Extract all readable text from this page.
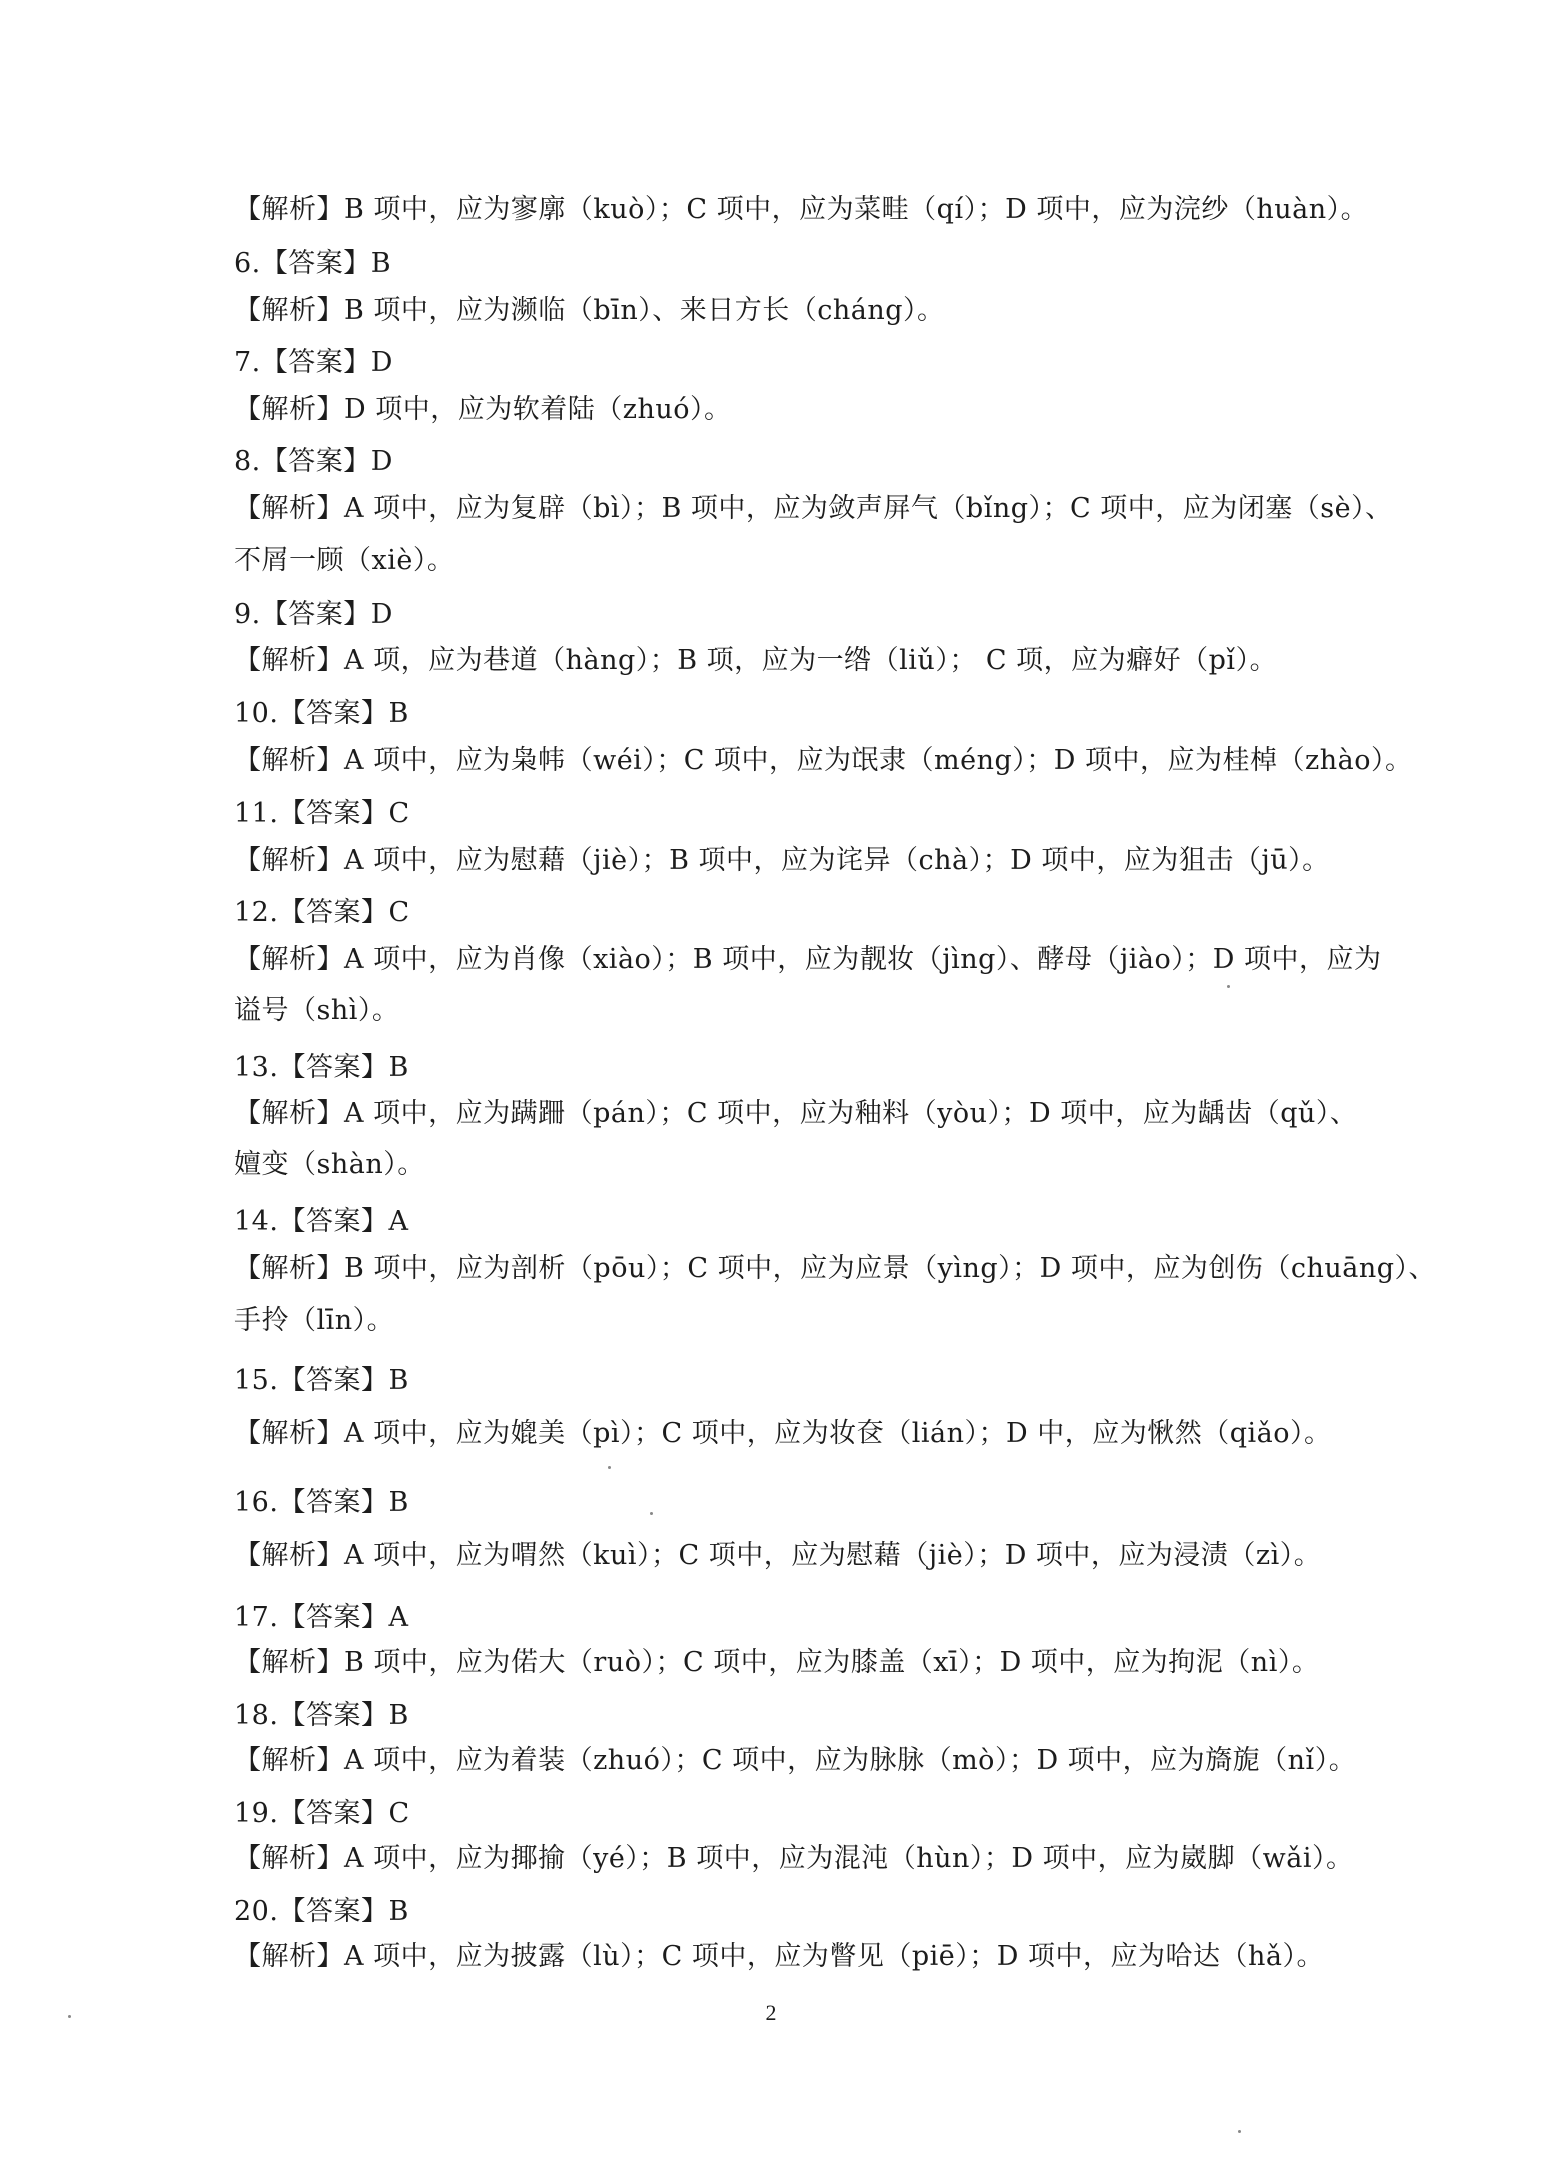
【解析】B 项中，应为寥廓（kuò）；C 项中，应为菜畦（qí）；D 项中，应为浣纱（huàn）。
6.【答案】B
【解析】B 项中，应为濒临（bīn）、来日方长（cháng）。
7.【答案】D
【解析】D 项中，应为软着陆（zhuó）。
8.【答案】D
【解析】A 项中，应为复辟（bì）；B 项中，应为敛声屏气（bǐng）；C 项中，应为闭塞（sè）、
不屑一顾（xiè）。
9.【答案】D
【解析】A 项，应为巷道（hàng）；B 项，应为一绺（liǔ）； C 项，应为癖好（pǐ）。
10.【答案】B
【解析】A 项中，应为枭帏（wéi）；C 项中，应为氓隶（méng）；D 项中，应为桂棹（zhào）。
11.【答案】C
【解析】A 项中，应为慰藉（jiè）；B 项中，应为诧异（chà）；D 项中，应为狙击（jū）。
12.【答案】C
【解析】A 项中，应为肖像（xiào）；B 项中，应为靓妆（jìng）、酵母（jiào）；D 项中，应为
谥号（shì）。
13.【答案】B
【解析】A 项中，应为蹒跚（pán）；C 项中，应为釉料（yòu）；D 项中，应为龋齿（qǔ）、
嬗变（shàn）。
14.【答案】A
【解析】B 项中，应为剖析（pōu）；C 项中，应为应景（yìng）；D 项中，应为创伤（chuāng）、
手拎（līn）。
15.【答案】B
【解析】A 项中，应为媲美（pì）；C 项中，应为妆奁（lián）；D 中，应为愀然（qiǎo）。
16.【答案】B
【解析】A 项中，应为喟然（kuì）；C 项中，应为慰藉（jiè）；D 项中，应为浸渍（zì）。
17.【答案】A
【解析】B 项中，应为偌大（ruò）；C 项中，应为膝盖（xī）；D 项中，应为拘泥（nì）。
18.【答案】B
【解析】A 项中，应为着装（zhuó）；C 项中，应为脉脉（mò）；D 项中，应为旖旎（nǐ）。
19.【答案】C
【解析】A 项中，应为揶揄（yé）；B 项中，应为混沌（hùn）；D 项中，应为崴脚（wǎi）。
20.【答案】B
【解析】A 项中，应为披露（lù）；C 项中，应为瞥见（piē）；D 项中，应为哈达（hǎ）。
2
